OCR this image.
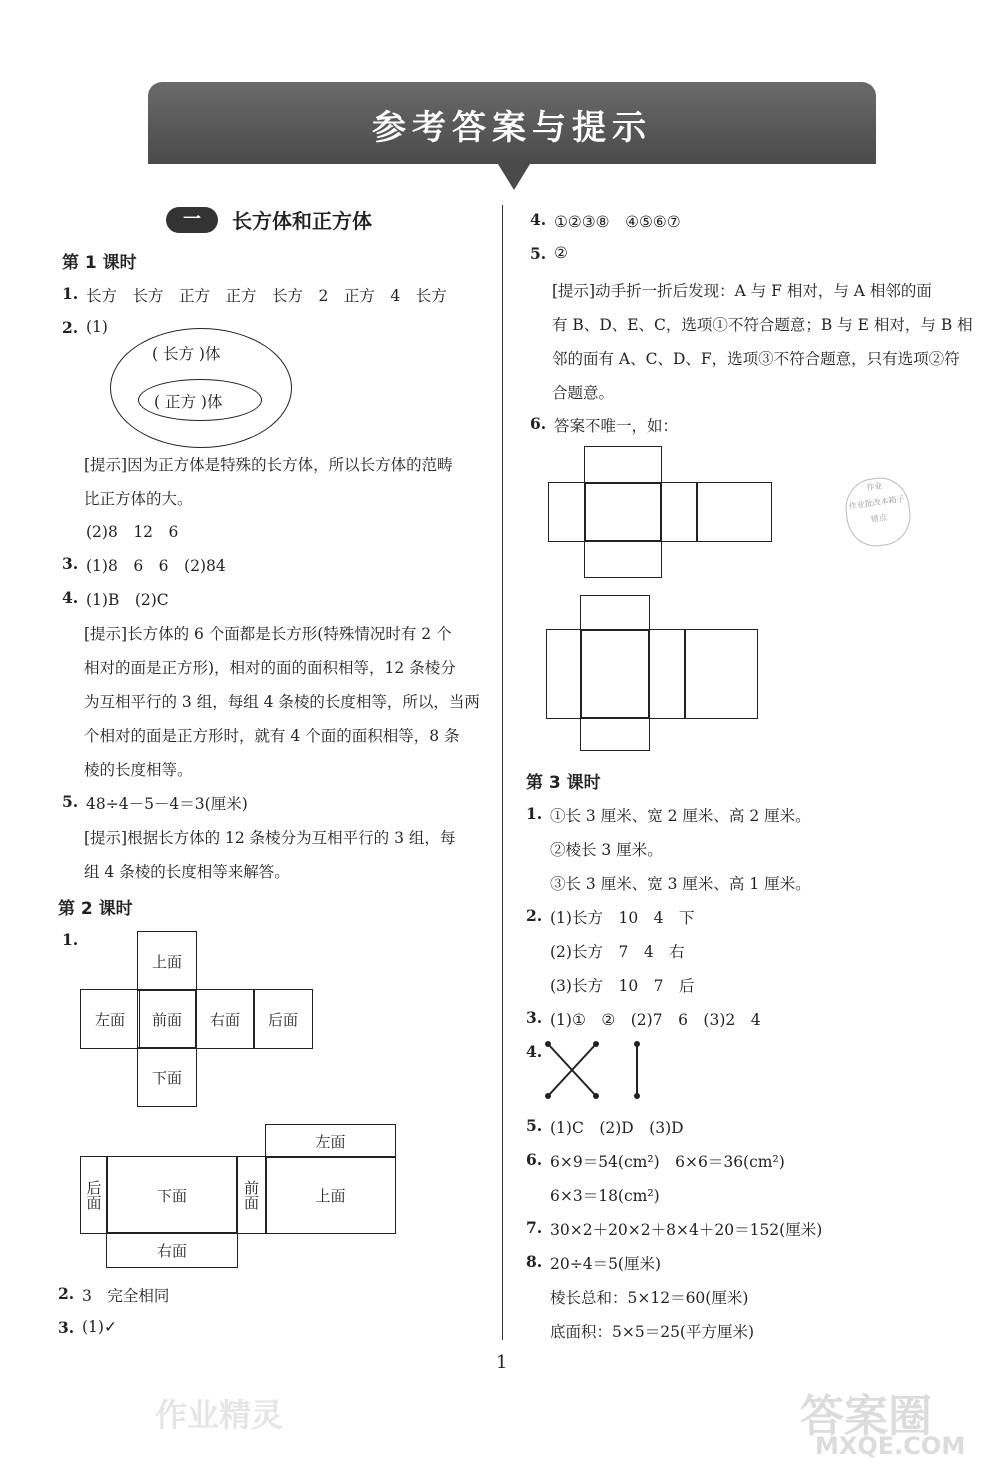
参考答案与提示
一	长方体和正方体
第 1 课时
1. 长方　长方　正方　正方　长方　2　正方　4　长方
2. (1)
( 长方 )体
( 正方 )体
[提示]因为正方体是特殊的长方体，所以长方体的范畴
比正方体的大。
(2)8　12　6
3. (1)8　6　6　(2)84
4. (1)B　(2)C
[提示]长方体的 6 个面都是长方形(特殊情况时有 2 个
相对的面是正方形)，相对的面的面积相等，12 条棱分
为互相平行的 3 组，每组 4 条棱的长度相等，所以，当两
个相对的面是正方形时，就有 4 个面的面积相等，8 条
棱的长度相等。
5. 48÷4－5－4＝3(厘米)
[提示]根据长方体的 12 条棱分为互相平行的 3 组，每
组 4 条棱的长度相等来解答。
第 2 课时
1.
上面
左面	前面	右面	后面
下面
左面
后面	下面	前面	上面
右面
2. 3　完全相同
3. (1)✓
4. ①②③⑧　④⑤⑥⑦
5. ②
[提示]动手折一折后发现：A 与 F 相对，与 A 相邻的面
有 B、D、E、C，选项①不符合题意；B 与 E 相对，与 B 相
邻的面有 A、C、D、F，选项③不符合题意，只有选项②符
合题意。
6. 答案不唯一，如：
作业
作业批改本箱子
错点
第 3 课时
1. ①长 3 厘米、宽 2 厘米、高 2 厘米。
②棱长 3 厘米。
③长 3 厘米、宽 3 厘米、高 1 厘米。
2. (1)长方　10　4　下
(2)长方　7　4　右
(3)长方　10　7　后
3. (1)①　②　(2)7　6　(3)2　4
4.
5. (1)C　(2)D　(3)D
6. 6×9＝54(cm²)　6×6＝36(cm²)
6×3＝18(cm²)
7. 30×2＋20×2＋8×4＋20＝152(厘米)
8. 20÷4＝5(厘米)
棱长总和：5×12＝60(厘米)
底面积：5×5＝25(平方厘米)
1
作业精灵	答案圈
MXQE.COM
